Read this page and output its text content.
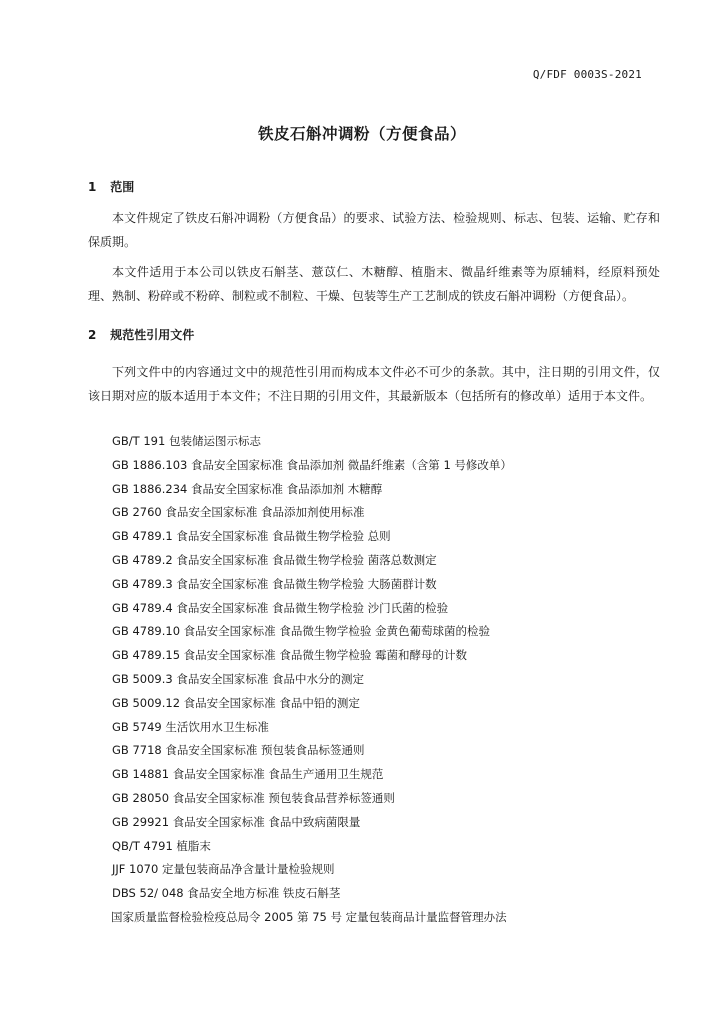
Q/FDF 0003S-2021
铁皮石斛冲调粉（方便食品）
1 范围

本文件规定了铁皮石斛冲调粉（方便食品）的要求、试验方法、检验规则、标志、包装、运输、贮存和保质期。

本文件适用于本公司以铁皮石斛茎、薏苡仁、木糖醇、植脂末、微晶纤维素等为原辅料，经原料预处理、熟制、粉碎或不粉碎、制粒或不制粒、干燥、包装等生产工艺制成的铁皮石斛冲调粉（方便食品）。

2 规范性引用文件

下列文件中的内容通过文中的规范性引用而构成本文件必不可少的条款。其中，注日期的引用文件，仅该日期对应的版本适用于本文件；不注日期的引用文件，其最新版本（包括所有的修改单）适用于本文件。

GB/T 191 包装储运图示标志
GB 1886.103 食品安全国家标准 食品添加剂 微晶纤维素（含第 1 号修改单）
GB 1886.234 食品安全国家标准 食品添加剂 木糖醇
GB 2760 食品安全国家标准 食品添加剂使用标准
GB 4789.1 食品安全国家标准 食品微生物学检验 总则
GB 4789.2 食品安全国家标准 食品微生物学检验 菌落总数测定
GB 4789.3 食品安全国家标准 食品微生物学检验 大肠菌群计数
GB 4789.4 食品安全国家标准 食品微生物学检验 沙门氏菌的检验
GB 4789.10 食品安全国家标准 食品微生物学检验 金黄色葡萄球菌的检验
GB 4789.15 食品安全国家标准 食品微生物学检验 霉菌和酵母的计数
GB 5009.3 食品安全国家标准 食品中水分的测定
GB 5009.12 食品安全国家标准 食品中铅的测定
GB 5749 生活饮用水卫生标准
GB 7718 食品安全国家标准 预包装食品标签通则
GB 14881 食品安全国家标准 食品生产通用卫生规范
GB 28050 食品安全国家标准 预包装食品营养标签通则
GB 29921 食品安全国家标准 食品中致病菌限量
QB/T 4791 植脂末
JJF 1070 定量包装商品净含量计量检验规则
DBS 52/ 048 食品安全地方标准 铁皮石斛茎
国家质量监督检验检疫总局令 2005 第 75 号 定量包装商品计量监督管理办法
